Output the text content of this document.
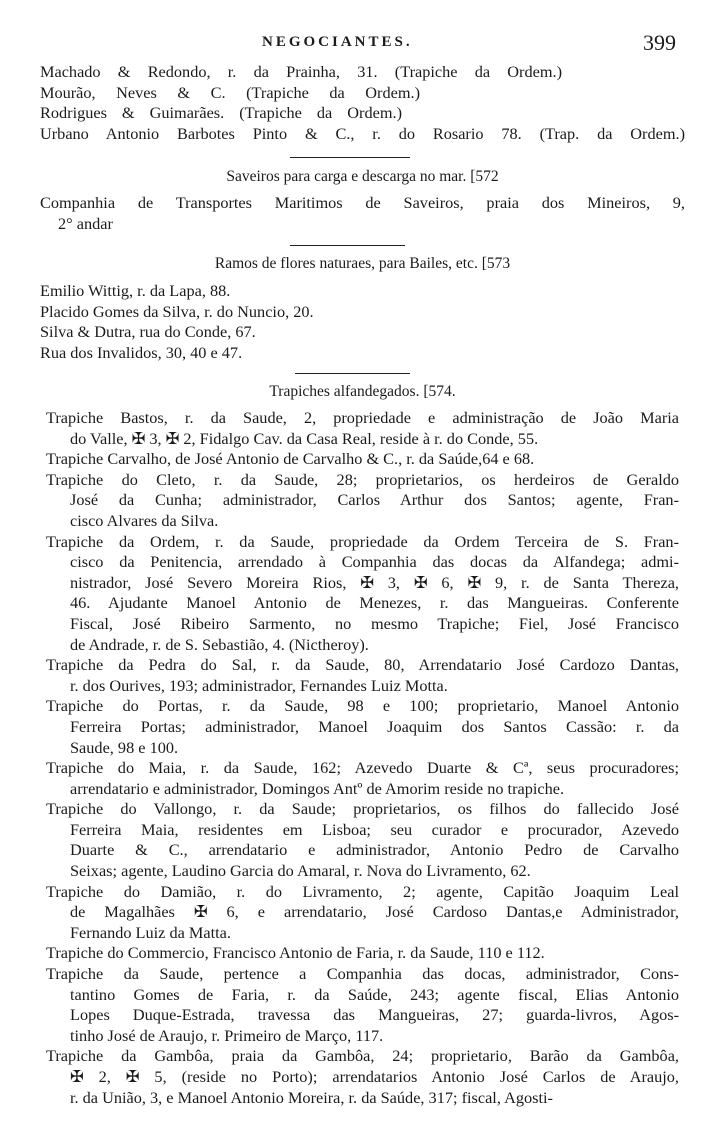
NEGOCIANTES.	399
Machado & Redondo, r. da Prainha, 31. (Trapiche da Ordem.)
Mourão, Neves & C. (Trapiche da Ordem.)
Rodrigues & Guimarães. (Trapiche da Ordem.)
Urbano Antonio Barbotes Pinto & C., r. do Rosario 78. (Trap. da Ordem.)
Saveiros para carga e descarga no mar. [572
Companhia de Transportes Maritimos de Saveiros, praia dos Mineiros, 9,
2° andar
Ramos de flores naturaes, para Bailes, etc. [573
Emilio Wittig, r. da Lapa, 88.
Placido Gomes da Silva, r. do Nuncio, 20.
Silva & Dutra, rua do Conde, 67.
Rua dos Invalidos, 30, 40 e 47.
Trapiches alfandegados. [574.
Trapiche Bastos, r. da Saude, 2, propriedade e administração de João Maria
do Valle, ✠ 3, ✠ 2, Fidalgo Cav. da Casa Real, reside à r. do Conde, 55.
Trapiche Carvalho, de José Antonio de Carvalho & C., r. da Saúde,64 e 68.
Trapiche do Cleto, r. da Saude, 28; proprietarios, os herdeiros de Geraldo
José da Cunha; administrador, Carlos Arthur dos Santos; agente, Fran-
cisco Alvares da Silva.
Trapiche da Ordem, r. da Saude, propriedade da Ordem Terceira de S. Fran-
cisco da Penitencia, arrendado à Companhia das docas da Alfandega; admi-
nistrador, José Severo Moreira Rios, ✠ 3, ✠ 6, ✠ 9, r. de Santa Thereza,
46. Ajudante Manoel Antonio de Menezes, r. das Mangueiras. Conferente
Fiscal, José Ribeiro Sarmento, no mesmo Trapiche; Fiel, José Francisco
de Andrade, r. de S. Sebastião, 4. (Nictheroy).
Trapiche da Pedra do Sal, r. da Saude, 80, Arrendatario José Cardozo Dantas,
r. dos Ourives, 193; administrador, Fernandes Luiz Motta.
Trapiche do Portas, r. da Saude, 98 e 100; proprietario, Manoel Antonio
Ferreira Portas; administrador, Manoel Joaquim dos Santos Cassão: r. da
Saude, 98 e 100.
Trapiche do Maia, r. da Saude, 162; Azevedo Duarte & Cª, seus procuradores;
arrendatario e administrador, Domingos Antº de Amorim reside no trapiche.
Trapiche do Vallongo, r. da Saude; proprietarios, os filhos do fallecido José
Ferreira Maia, residentes em Lisboa; seu curador e procurador, Azevedo
Duarte & C., arrendatario e administrador, Antonio Pedro de Carvalho
Seixas; agente, Laudino Garcia do Amaral, r. Nova do Livramento, 62.
Trapiche do Damião, r. do Livramento, 2; agente, Capitão Joaquim Leal
de Magalhães ✠ 6, e arrendatario, José Cardoso Dantas,e Administrador,
Fernando Luiz da Matta.
Trapiche do Commercio, Francisco Antonio de Faria, r. da Saude, 110 e 112.
Trapiche da Saude, pertence a Companhia das docas, administrador, Cons-
tantino Gomes de Faria, r. da Saúde, 243; agente fiscal, Elias Antonio
Lopes Duque-Estrada, travessa das Mangueiras, 27; guarda-livros, Agos-
tinho José de Araujo, r. Primeiro de Março, 117.
Trapiche da Gambôa, praia da Gambôa, 24; proprietario, Barão da Gambôa,
✠ 2, ✠ 5, (reside no Porto); arrendatarios Antonio José Carlos de Araujo,
r. da União, 3, e Manoel Antonio Moreira, r. da Saúde, 317; fiscal, Agosti-
